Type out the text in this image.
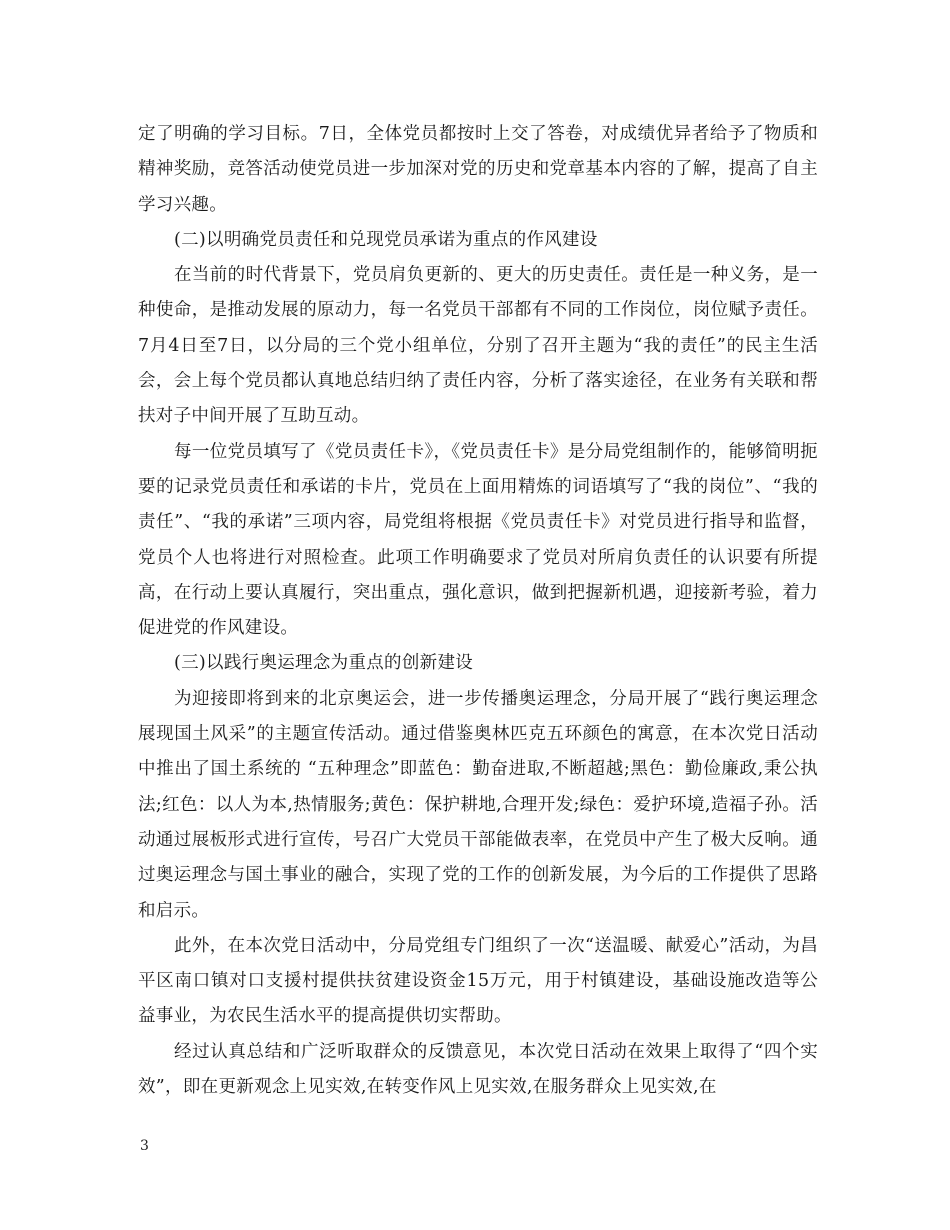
定了明确的学习目标。7日，全体党员都按时上交了答卷，对成绩优异者给予了物质和精神奖励，竞答活动使党员进一步加深对党的历史和党章基本内容的了解，提高了自主学习兴趣。

(二)以明确党员责任和兑现党员承诺为重点的作风建设

在当前的时代背景下，党员肩负更新的、更大的历史责任。责任是一种义务，是一种使命，是推动发展的原动力，每一名党员干部都有不同的工作岗位，岗位赋予责任。7月4日至7日，以分局的三个党小组单位，分别了召开主题为“我的责任”的民主生活会，会上每个党员都认真地总结归纳了责任内容，分析了落实途径，在业务有关联和帮扶对子中间开展了互助互动。

每一位党员填写了《党员责任卡》，《党员责任卡》是分局党组制作的，能够简明扼要的记录党员责任和承诺的卡片，党员在上面用精炼的词语填写了“我的岗位”、“我的责任”、“我的承诺”三项内容，局党组将根据《党员责任卡》对党员进行指导和监督，党员个人也将进行对照检查。此项工作明确要求了党员对所肩负责任的认识要有所提高，在行动上要认真履行，突出重点，强化意识，做到把握新机遇，迎接新考验，着力促进党的作风建设。

(三)以践行奥运理念为重点的创新建设

为迎接即将到来的北京奥运会，进一步传播奥运理念，分局开展了“践行奥运理念 展现国土风采”的主题宣传活动。通过借鉴奥林匹克五环颜色的寓意，在本次党日活动中推出了国土系统的 “五种理念”即蓝色：勤奋进取,不断超越;黑色：勤俭廉政,秉公执法;红色：以人为本,热情服务;黄色：保护耕地,合理开发;绿色：爱护环境,造福子孙。活动通过展板形式进行宣传，号召广大党员干部能做表率，在党员中产生了极大反响。通过奥运理念与国土事业的融合，实现了党的工作的创新发展，为今后的工作提供了思路和启示。

此外，在本次党日活动中，分局党组专门组织了一次“送温暖、献爱心”活动，为昌平区南口镇对口支援村提供扶贫建设资金15万元，用于村镇建设，基础设施改造等公益事业，为农民生活水平的提高提供切实帮助。

经过认真总结和广泛听取群众的反馈意见，本次党日活动在效果上取得了“四个实效”，即在更新观念上见实效,在转变作风上见实效,在服务群众上见实效,在

3
